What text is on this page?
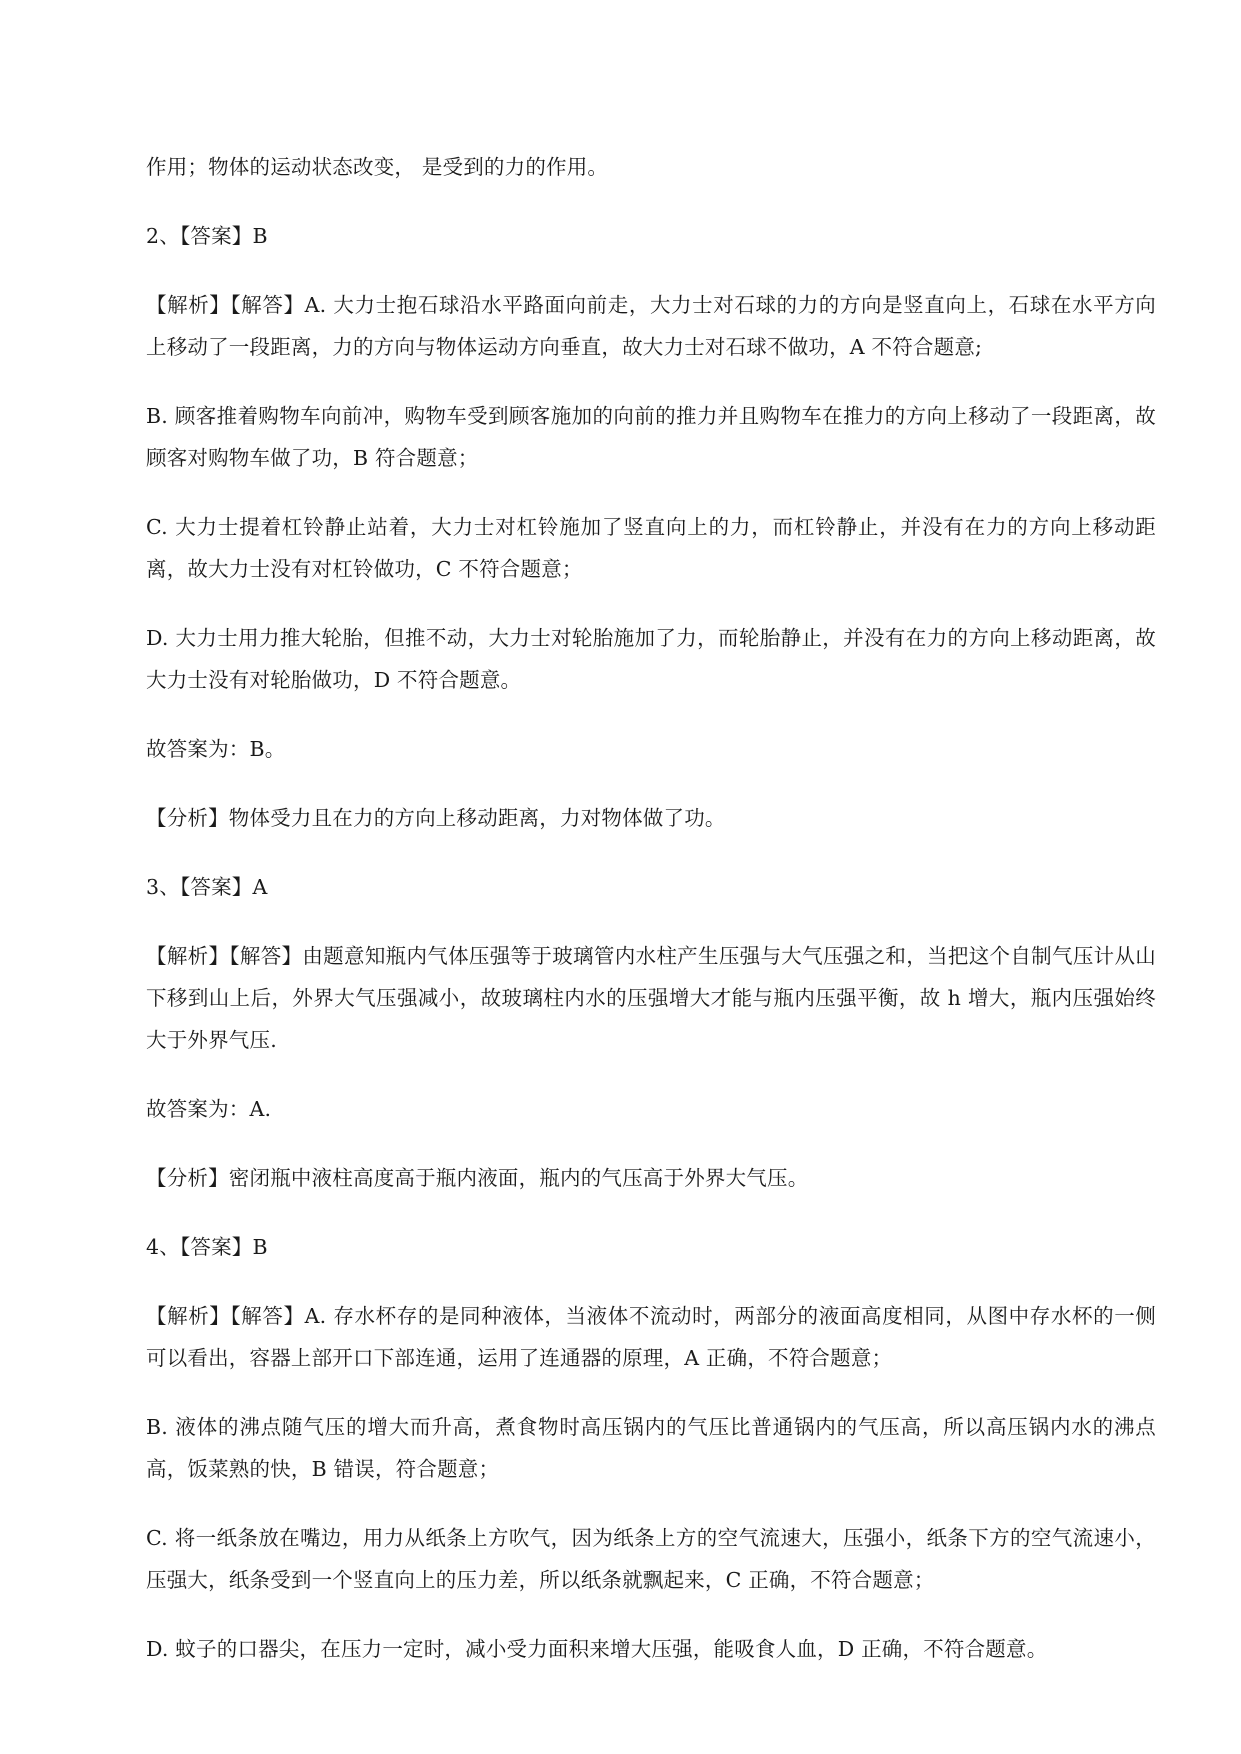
作用；物体的运动状态改变， 是受到的力的作用。

2、【答案】B

【解析】【解答】A. 大力士抱石球沿水平路面向前走，大力士对石球的力的方向是竖直向上，石球在水平方向上移动了一段距离，力的方向与物体运动方向垂直，故大力士对石球不做功，A 不符合题意;

B. 顾客推着购物车向前冲，购物车受到顾客施加的向前的推力并且购物车在推力的方向上移动了一段距离，故顾客对购物车做了功，B 符合题意；

C. 大力士提着杠铃静止站着，大力士对杠铃施加了竖直向上的力，而杠铃静止，并没有在力的方向上移动距离，故大力士没有对杠铃做功，C 不符合题意；

D. 大力士用力推大轮胎，但推不动，大力士对轮胎施加了力，而轮胎静止，并没有在力的方向上移动距离，故大力士没有对轮胎做功，D 不符合题意。

故答案为：B。

【分析】物体受力且在力的方向上移动距离，力对物体做了功。

3、【答案】A

【解析】【解答】由题意知瓶内气体压强等于玻璃管内水柱产生压强与大气压强之和，当把这个自制气压计从山下移到山上后，外界大气压强减小，故玻璃柱内水的压强增大才能与瓶内压强平衡，故 h 增大，瓶内压强始终大于外界气压.

故答案为：A.

【分析】密闭瓶中液柱高度高于瓶内液面，瓶内的气压高于外界大气压。

4、【答案】B

【解析】【解答】A. 存水杯存的是同种液体，当液体不流动时，两部分的液面高度相同，从图中存水杯的一侧可以看出，容器上部开口下部连通，运用了连通器的原理，A 正确，不符合题意；

B. 液体的沸点随气压的增大而升高，煮食物时高压锅内的气压比普通锅内的气压高，所以高压锅内水的沸点高，饭菜熟的快，B 错误，符合题意；

C. 将一纸条放在嘴边，用力从纸条上方吹气，因为纸条上方的空气流速大，压强小，纸条下方的空气流速小，压强大，纸条受到一个竖直向上的压力差，所以纸条就飘起来，C 正确，不符合题意；

D. 蚊子的口器尖，在压力一定时，减小受力面积来增大压强，能吸食人血，D 正确，不符合题意。
